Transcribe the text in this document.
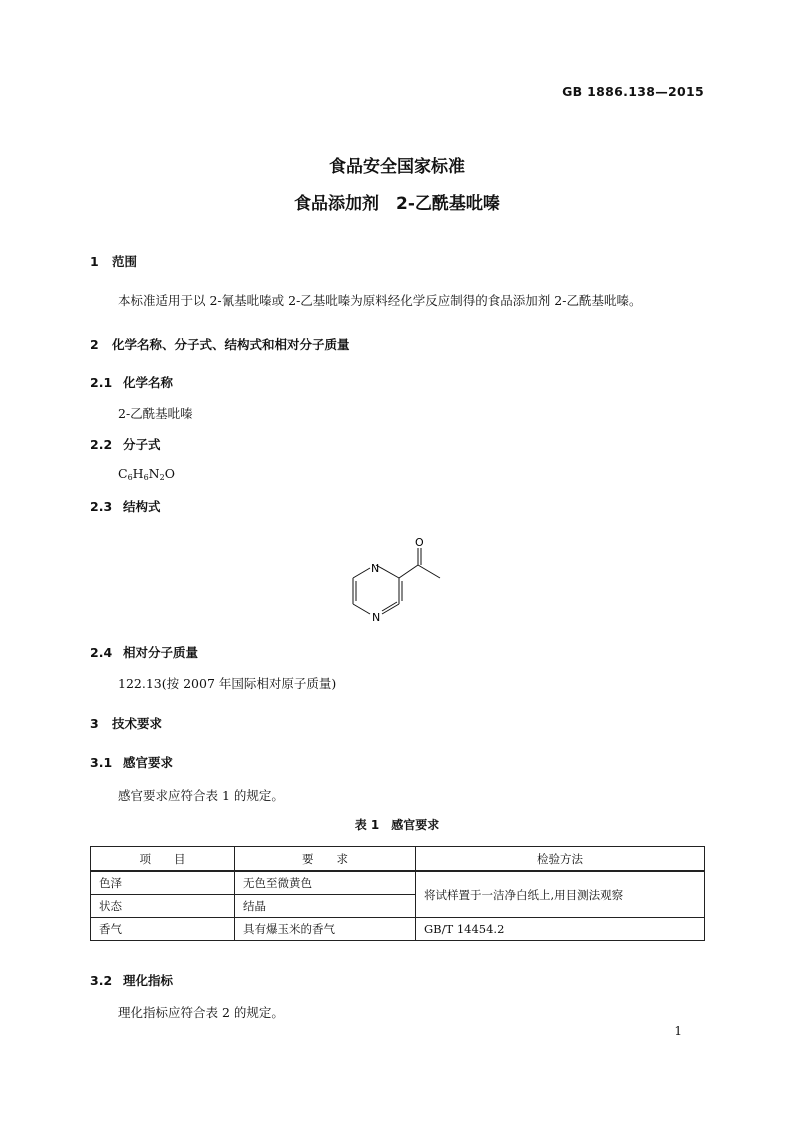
GB 1886.138—2015
食品安全国家标准
食品添加剂　2-乙酰基吡嗪
1 范围
本标准适用于以 2-氰基吡嗪或 2-乙基吡嗪为原料经化学反应制得的食品添加剂 2-乙酰基吡嗪。
2 化学名称、分子式、结构式和相对分子质量
2.1 化学名称
2-乙酰基吡嗪
2.2 分子式
$C_6H_6N_2O$
2.3 结构式
N
N
O
2.4 相对分子质量
122.13(按 2007 年国际相对原子质量)
3 技术要求
3.1 感官要求
感官要求应符合表 1 的规定。
表 1　感官要求
项　　目	要　　求	检验方法
色泽	无色至微黄色	将试样置于一洁净白纸上,用目测法观察
状态	结晶	
香气	具有爆玉米的香气	GB/T 14454.2
3.2 理化指标
理化指标应符合表 2 的规定。
1
